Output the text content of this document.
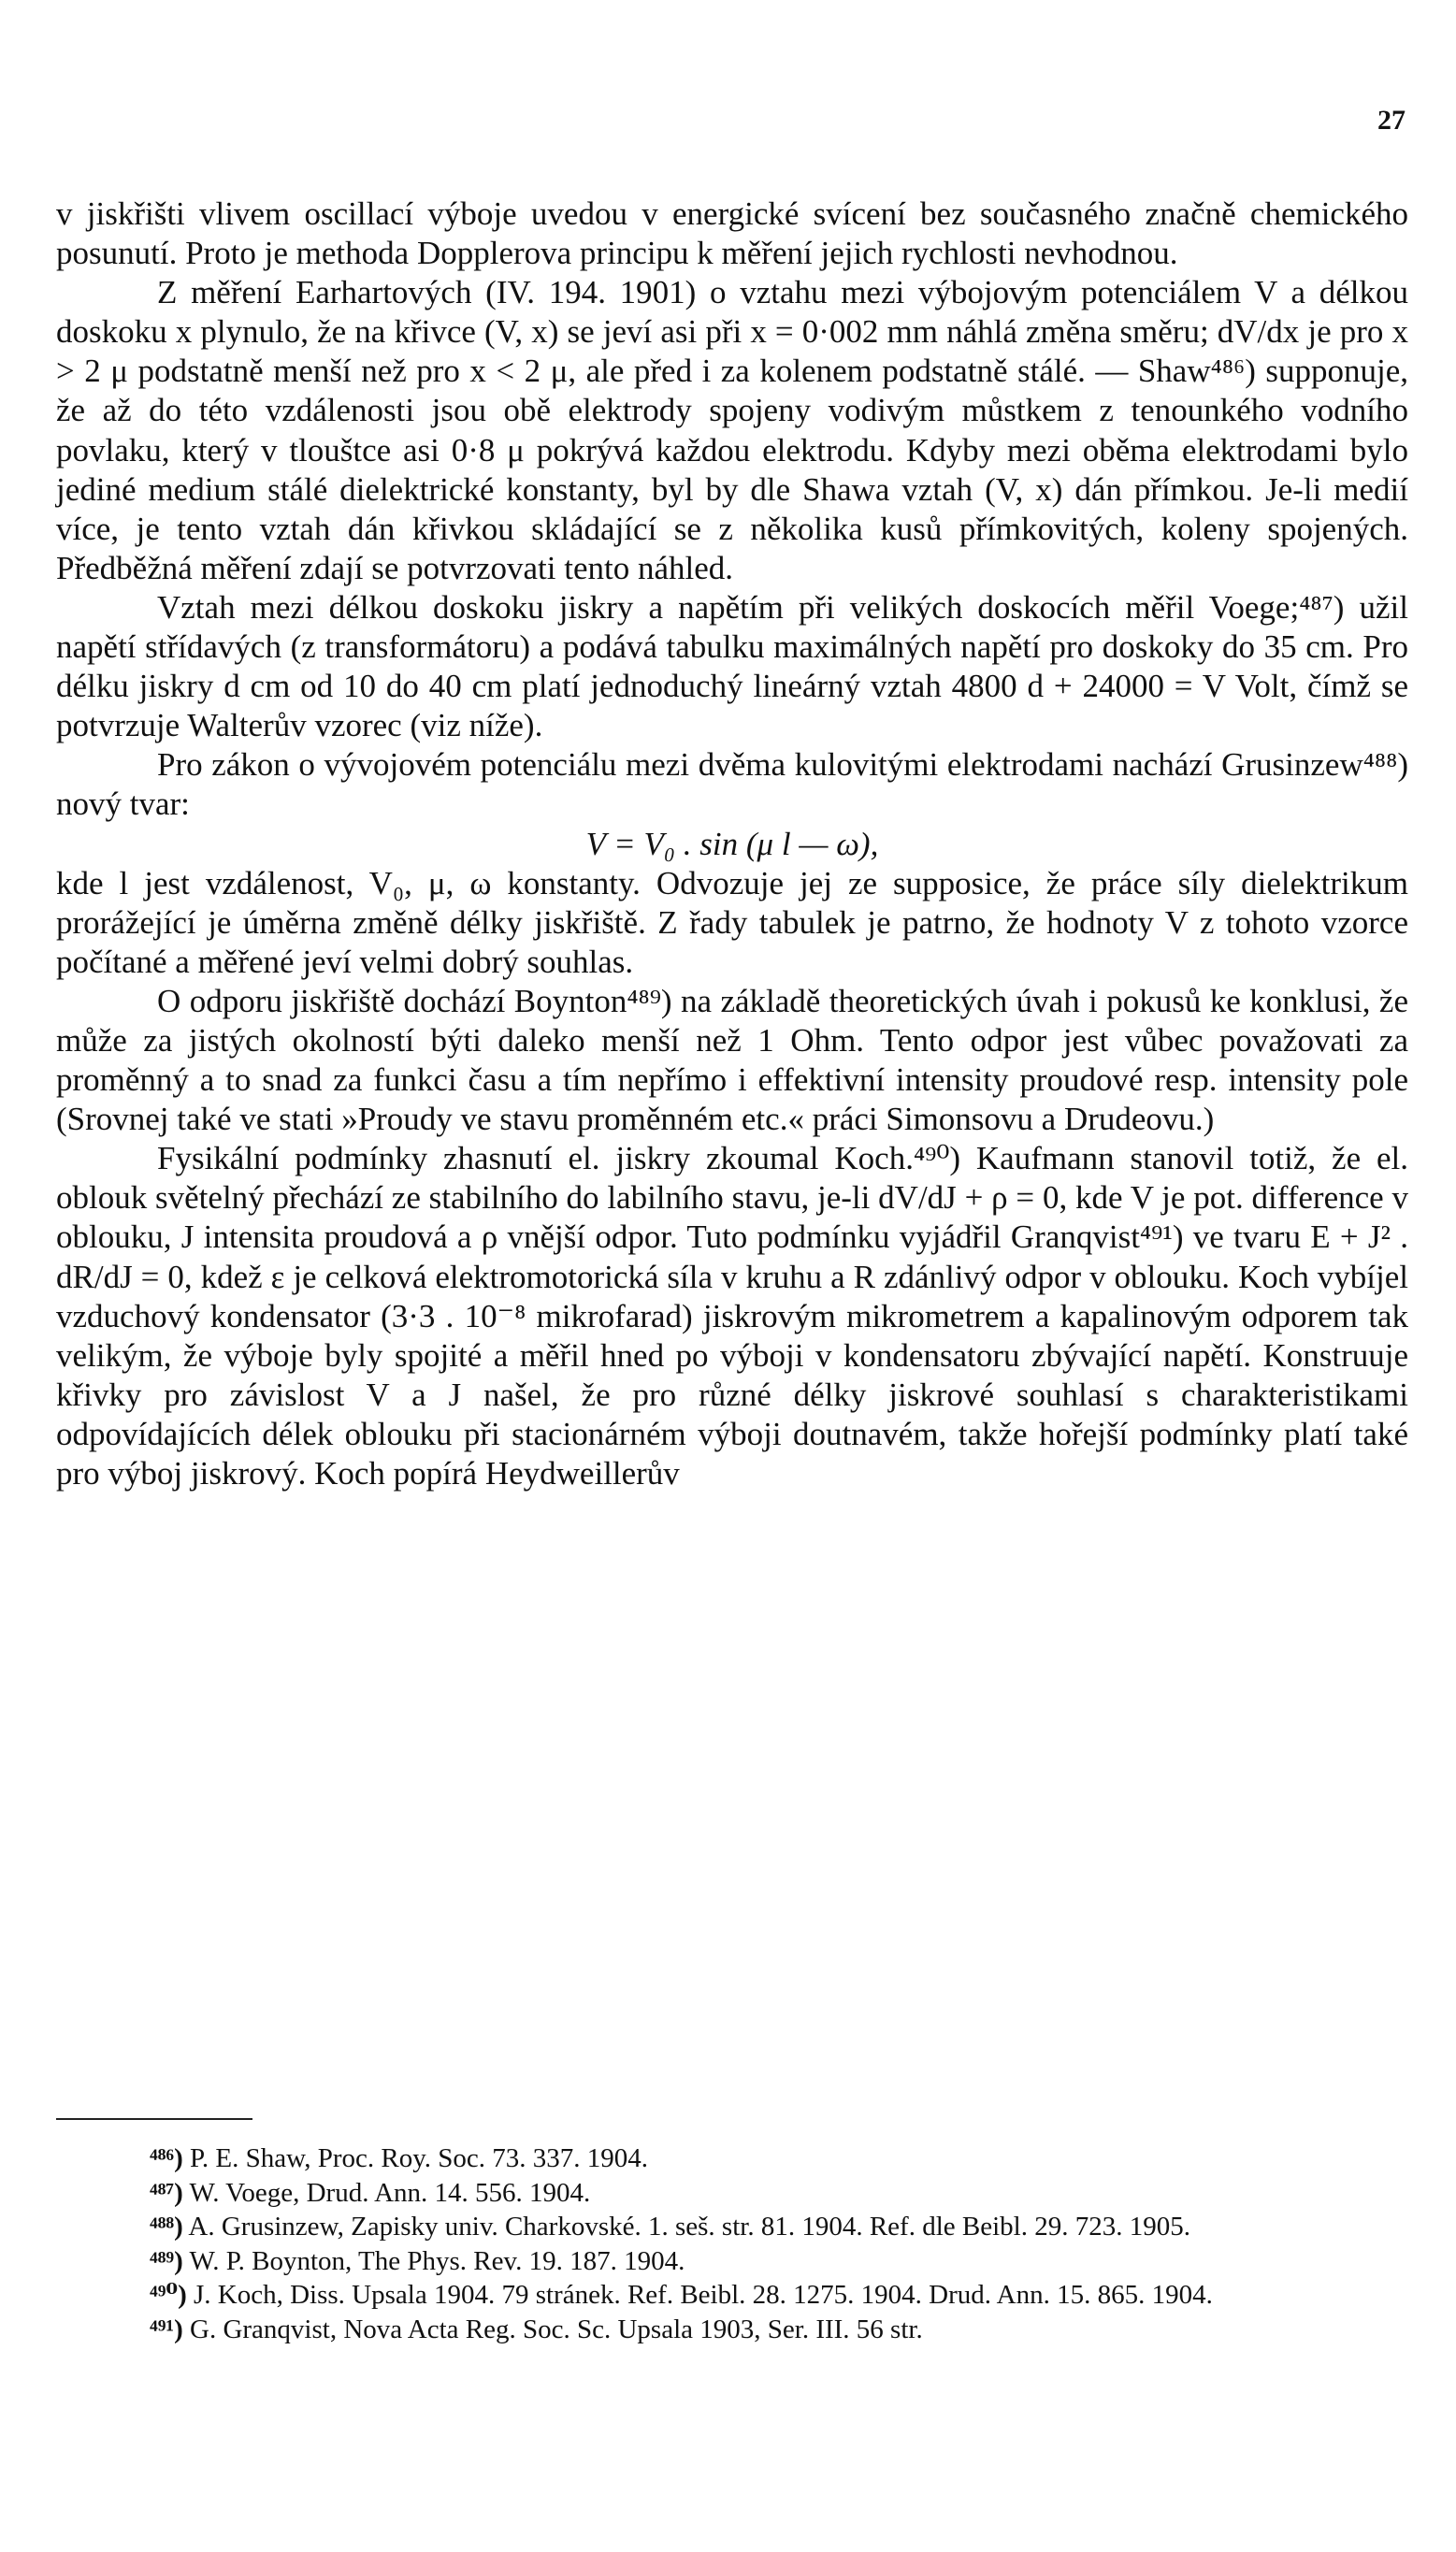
27

v jiskřišti vlivem oscillací výboje uvedou v energické svícení bez současného značně chemického posunutí. Proto je methoda Dopplerova principu k měření jejich rychlosti nevhodnou.

Z měření Earhartových (IV. 194. 1901) o vztahu mezi výbojovým potenciálem V a délkou doskoku x plynulo, že na křivce (V, x) se jeví asi při x = 0·002 mm náhlá změna směru; dV/dx je pro x > 2 μ podstatně menší než pro x < 2 μ, ale před i za kolenem podstatně stálé. — Shaw⁴⁸⁶) supponuje, že až do této vzdálenosti jsou obě elektrody spojeny vodivým můstkem z tenounkého vodního povlaku, který v tlouštce asi 0·8 μ pokrývá každou elektrodu. Kdyby mezi oběma elektrodami bylo jediné medium stálé dielektrické konstanty, byl by dle Shawa vztah (V, x) dán přímkou. Je-li medií více, je tento vztah dán křivkou skládající se z několika kusů přímkovitých, koleny spojených. Předběžná měření zdají se potvrzovati tento náhled.

Vztah mezi délkou doskoku jiskry a napětím při velikých doskocích měřil Voege;⁴⁸⁷) užil napětí střídavých (z transformátoru) a podává tabulku maximálných napětí pro doskoky do 35 cm. Pro délku jiskry d cm od 10 do 40 cm platí jednoduchý lineárný vztah 4800 d + 24000 = V Volt, čímž se potvrzuje Walterův vzorec (viz níže).

Pro zákon o vývojovém potenciálu mezi dvěma kulovitými elektrodami nachází Grusinzew⁴⁸⁸) nový tvar:

V = V₀ . sin (μ l — ω),

kde l jest vzdálenost, V₀, μ, ω konstanty. Odvozuje jej ze supposice, že práce síly dielektrikum prorážející je úměrna změně délky jiskřiště. Z řady tabulek je patrno, že hodnoty V z tohoto vzorce počítané a měřené jeví velmi dobrý souhlas.

O odporu jiskřiště dochází Boynton⁴⁸⁹) na základě theoretických úvah i pokusů ke konklusi, že může za jistých okolností býti daleko menší než 1 Ohm. Tento odpor jest vůbec považovati za proměnný a to snad za funkci času a tím nepřímo i effektivní intensity proudové resp. intensity pole (Srovnej také ve stati »Proudy ve stavu proměnném etc.« práci Simonsovu a Drudeovu.)

Fysikální podmínky zhasnutí el. jiskry zkoumal Koch.⁴⁹⁰) Kaufmann stanovil totiž, že el. oblouk světelný přechází ze stabilního do labilního stavu, je-li dV/dJ + ρ = 0, kde V je pot. difference v oblouku, J intensita proudová a ρ vnější odpor. Tuto podmínku vyjádřil Granqvist⁴⁹¹) ve tvaru E + J² . dR/dJ = 0, kdež ε je celková elektromotorická síla v kruhu a R zdánlivý odpor v oblouku. Koch vybíjel vzduchový kondensator (3·3 . 10⁻⁸ mikrofarad) jiskrovým mikrometrem a kapalinovým odporem tak velikým, že výboje byly spojité a měřil hned po výboji v kondensatoru zbývající napětí. Konstruuje křivky pro závislost V a J našel, že pro různé délky jiskrové souhlasí s charakteristikami odpovídajících délek oblouku při stacionárném výboji doutnavém, takže hořejší podmínky platí také pro výboj jiskrový. Koch popírá Heydweillerův

⁴⁸⁶) P. E. Shaw, Proc. Roy. Soc. 73. 337. 1904.

⁴⁸⁷) W. Voege, Drud. Ann. 14. 556. 1904.

⁴⁸⁸) A. Grusinzew, Zapisky univ. Charkovské. 1. seš. str. 81. 1904. Ref. dle Beibl. 29. 723. 1905.

⁴⁸⁹) W. P. Boynton, The Phys. Rev. 19. 187. 1904.

⁴⁹⁰) J. Koch, Diss. Upsala 1904. 79 stránek. Ref. Beibl. 28. 1275. 1904. Drud. Ann. 15. 865. 1904.

⁴⁹¹) G. Granqvist, Nova Acta Reg. Soc. Sc. Upsala 1903, Ser. III. 56 str.
